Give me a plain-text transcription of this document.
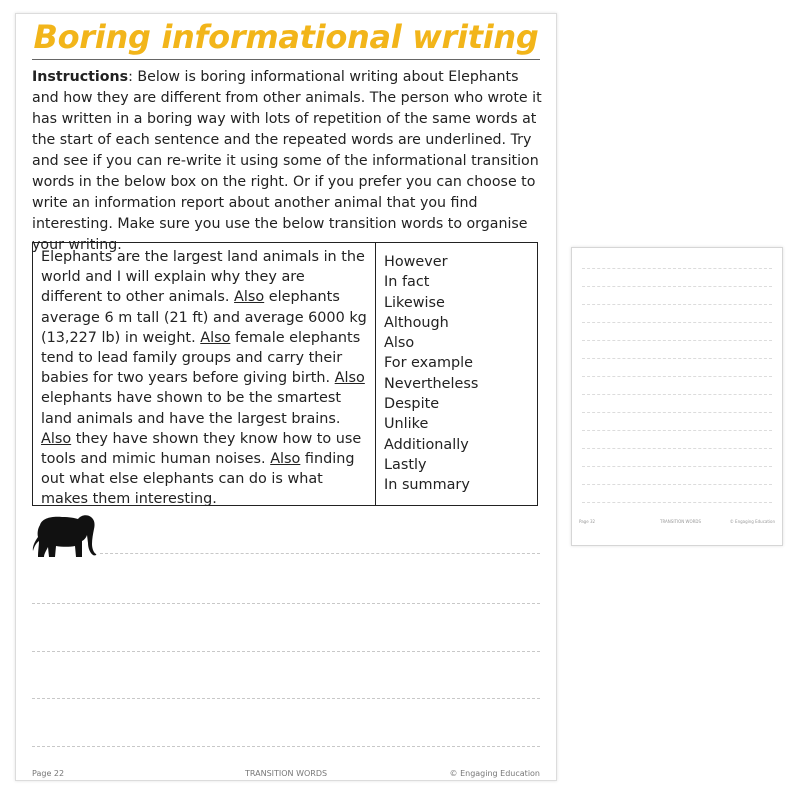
Boring informational writing

Instructions: Below is boring informational writing about Elephants and how they are different from other animals. The person who wrote it has written in a boring way with lots of repetition of the same words at the start of each sentence and the repeated words are underlined. Try and see if you can re-write it using some of the informational transition words in the below box on the right. Or if you prefer you can choose to write an information report about another animal that you find interesting. Make sure you use the below transition words to organise your writing.

Elephants are the largest land animals in the world and I will explain why they are different to other animals. Also elephants average 6 m tall (21 ft) and average 6000 kg (13,227 lb) in weight. Also female elephants tend to lead family groups and carry their babies for two years before giving birth. Also elephants have shown to be the smartest land animals and have the largest brains. Also they have shown they know how to use tools and mimic human noises. Also finding out what else elephants can do is what makes them interesting.
However
In fact
Likewise
Although
Also
For example
Nevertheless
Despite
Unlike
Additionally
Lastly
In summary
Page 22	TRANSITION WORDS	© Engaging Education
Page 32	TRANSITION WORDS	© Engaging Education
